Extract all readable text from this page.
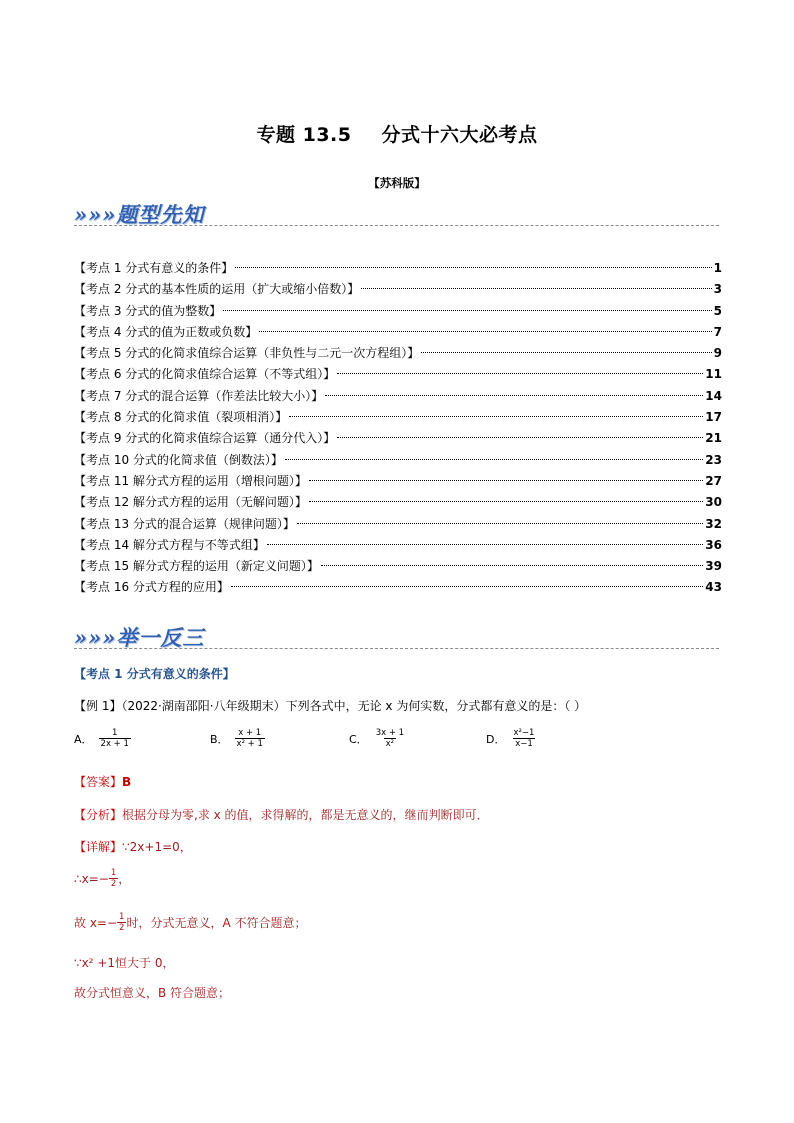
专题 13.5 分式十六大必考点
【苏科版】
»»»题型先知
【考点 1 分式有意义的条件】	1
【考点 2 分式的基本性质的运用（扩大或缩小倍数）】	3
【考点 3 分式的值为整数】	5
【考点 4 分式的值为正数或负数】	7
【考点 5 分式的化简求值综合运算（非负性与二元一次方程组）】	9
【考点 6 分式的化简求值综合运算（不等式组）】	11
【考点 7 分式的混合运算（作差法比较大小）】	14
【考点 8 分式的化简求值（裂项相消）】	17
【考点 9 分式的化简求值综合运算（通分代入）】	21
【考点 10 分式的化简求值（倒数法）】	23
【考点 11 解分式方程的运用（增根问题）】	27
【考点 12 解分式方程的运用（无解问题）】	30
【考点 13 分式的混合运算（规律问题）】	32
【考点 14 解分式方程与不等式组】	36
【考点 15 解分式方程的运用（新定义问题）】	39
【考点 16 分式方程的应用】	43
»»»举一反三
【考点 1 分式有意义的条件】
【例 1】（2022·湖南邵阳·八年级期末）下列各式中，无论 x 为何实数，分式都有意义的是：（ ）
A． $\frac{1}{2x + 1}$	B． $\frac{x + 1}{\text{x² + 1}}$	C． $\frac{3x + 1}{\text{x²}}$	D． $\frac{\text{x²−1}}{x-1}$
【答案】B
【分析】根据分母为零,求 x 的值，求得解的，都是无意义的，继而判断即可．
【详解】∵2x+1=0，
∴x=− $\frac{1}{2}$ ，
故 $x=- \frac{1}{2}$ 时，分式无意义，A 不符合题意；
∵x² +1恒大于 0，
故分式恒意义，B 符合题意；
